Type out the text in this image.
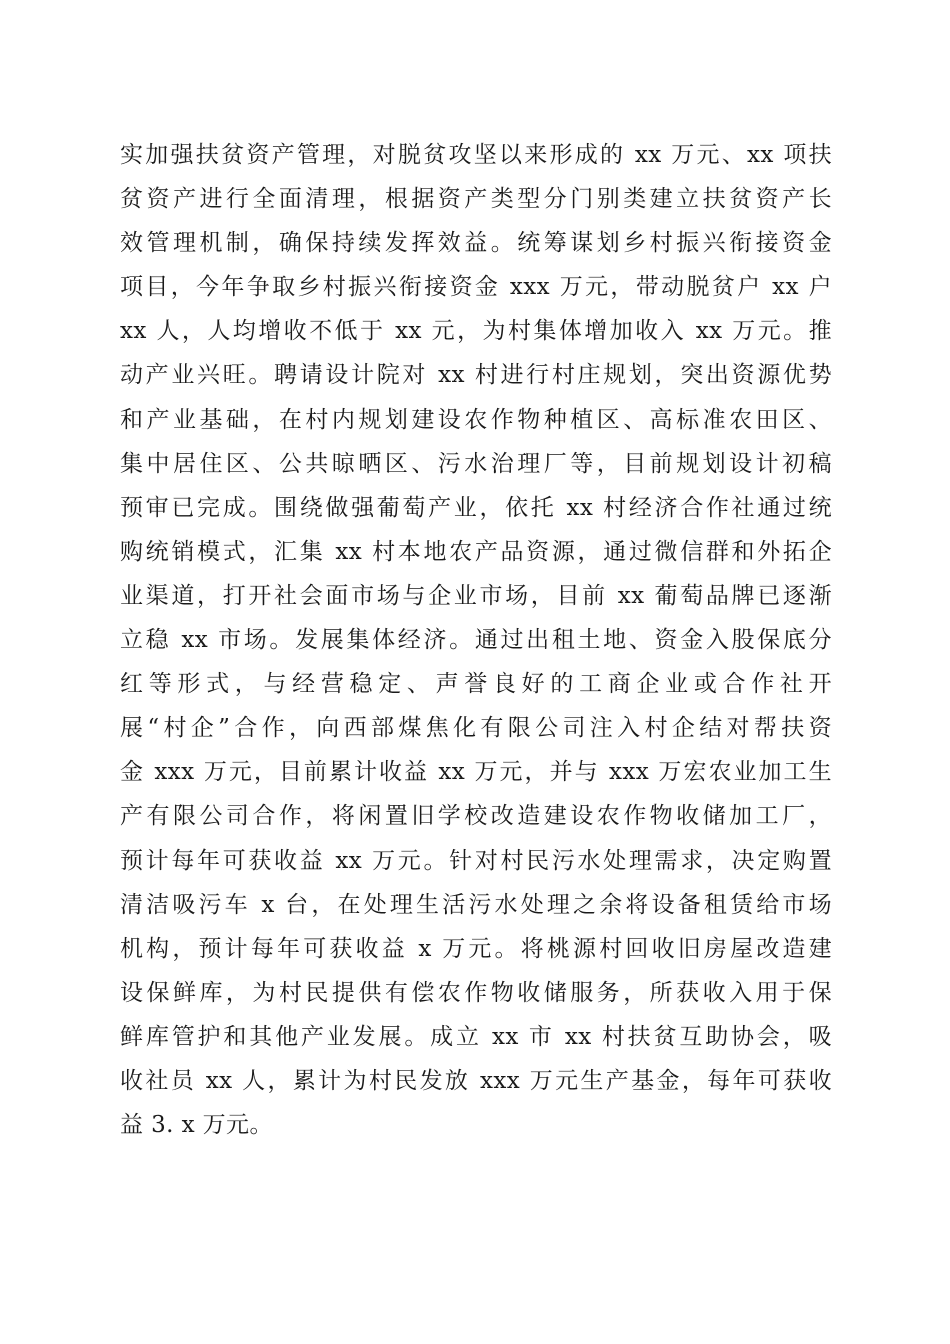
实加强扶贫资产管理，对脱贫攻坚以来形成的 xx 万元、xx 项扶
贫资产进行全面清理，根据资产类型分门别类建立扶贫资产长
效管理机制，确保持续发挥效益。统筹谋划乡村振兴衔接资金
项目，今年争取乡村振兴衔接资金 xxx 万元，带动脱贫户 xx 户
xx 人，人均增收不低于 xx 元，为村集体增加收入 xx 万元。推
动产业兴旺。聘请设计院对 xx 村进行村庄规划，突出资源优势
和产业基础，在村内规划建设农作物种植区、高标准农田区、
集中居住区、公共晾晒区、污水治理厂等，目前规划设计初稿
预审已完成。围绕做强葡萄产业，依托 xx 村经济合作社通过统
购统销模式，汇集 xx 村本地农产品资源，通过微信群和外拓企
业渠道，打开社会面市场与企业市场，目前 xx 葡萄品牌已逐渐
立稳 xx 市场。发展集体经济。通过出租土地、资金入股保底分
红等形式，与经营稳定、声誉良好的工商企业或合作社开
展“村企”合作，向西部煤焦化有限公司注入村企结对帮扶资
金 xxx 万元，目前累计收益 xx 万元，并与 xxx 万宏农业加工生
产有限公司合作，将闲置旧学校改造建设农作物收储加工厂，
预计每年可获收益 xx 万元。针对村民污水处理需求，决定购置
清洁吸污车 x 台，在处理生活污水处理之余将设备租赁给市场
机构，预计每年可获收益 x 万元。将桃源村回收旧房屋改造建
设保鲜库，为村民提供有偿农作物收储服务，所获收入用于保
鲜库管护和其他产业发展。成立 xx 市 xx 村扶贫互助协会，吸
收社员 xx 人，累计为村民发放 xxx 万元生产基金，每年可获收
益 3. x 万元。
